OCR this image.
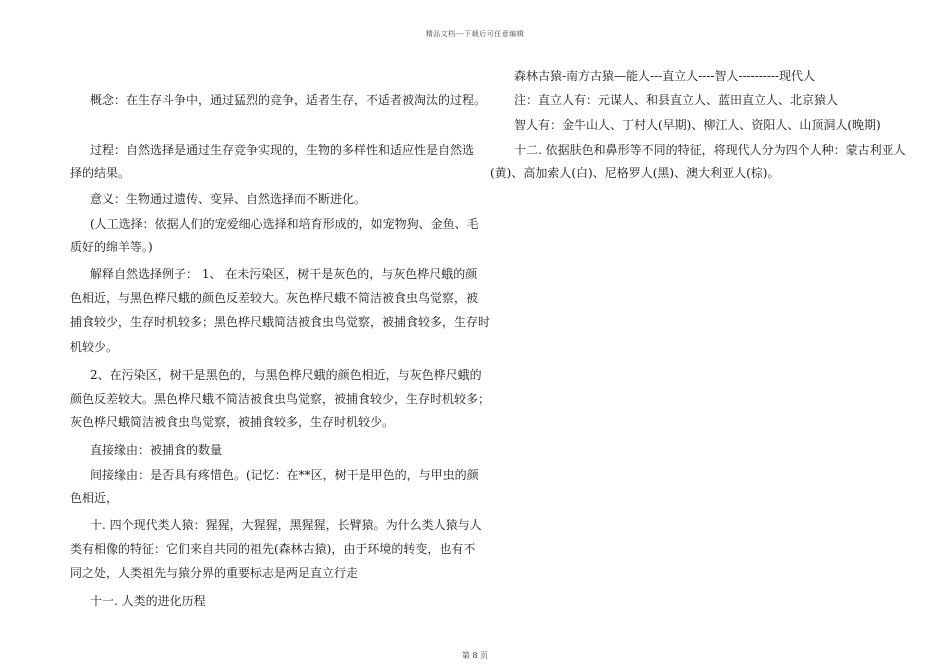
精品文档---下载后可任意编辑

概念：在生存斗争中，通过猛烈的竞争，适者生存，不适者被淘汰的过程。

过程：自然选择是通过生存竞争实现的，生物的多样性和适应性是自然选

择的结果。

意义：生物通过遗传、变异、自然选择而不断进化。

(人工选择：依据人们的宠爱细心选择和培育形成的，如宠物狗、金鱼、毛

质好的绵羊等。)

解释自然选择例子： 1、 在未污染区，树干是灰色的，与灰色桦尺蛾的颜

色相近，与黑色桦尺蛾的颜色反差较大。灰色桦尺蛾不简洁被食虫鸟觉察，被

捕食较少，生存时机较多；黑色桦尺蛾简洁被食虫鸟觉察，被捕食较多，生存时

机较少。

2、在污染区，树干是黑色的，与黑色桦尺蛾的颜色相近，与灰色桦尺蛾的

颜色反差较大。黑色桦尺蛾不简洁被食虫鸟觉察，被捕食较少，生存时机较多；

灰色桦尺蛾简洁被食虫鸟觉察，被捕食较多，生存时机较少。

直接缘由：被捕食的数量

间接缘由：是否具有疼惜色。(记忆：在**区，树干是甲色的，与甲虫的颜

色相近，

十. 四个现代类人猿：猩猩，大猩猩，黑猩猩，长臂猿。为什么类人猿与人

类有相像的特征：它们来自共同的祖先(森林古猿)，由于环境的转变，也有不

同之处，人类祖先与猿分界的重要标志是两足直立行走

十一. 人类的进化历程

森林古猿-南方古猿—能人---直立人----智人----------现代人

注：直立人有：元谋人、和县直立人、蓝田直立人、北京猿人

智人有：金牛山人、丁村人(早期)、柳江人、资阳人、山顶洞人(晚期)

十二. 依据肤色和鼻形等不同的特征，将现代人分为四个人种：蒙古利亚人

(黄)、高加索人(白)、尼格罗人(黑)、澳大利亚人(棕)。

第 8 页
